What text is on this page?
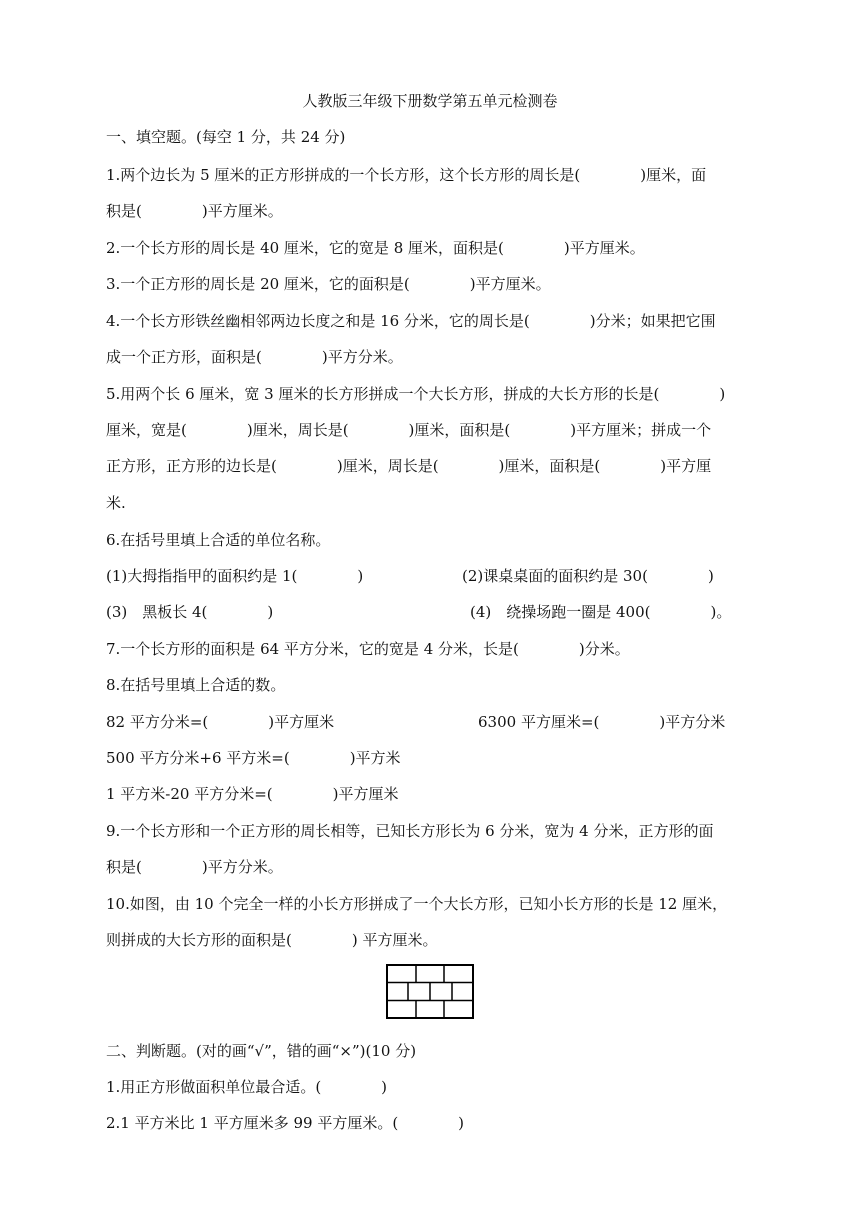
人教版三年级下册数学第五单元检测卷
一、填空题。(每空 1 分，共 24 分)
1.两个边长为 5 厘米的正方形拼成的一个长方形，这个长方形的周长是(　　　　)厘米，面
积是(　　　　)平方厘米。
2.一个长方形的周长是 40 厘米，它的宽是 8 厘米，面积是(　　　　)平方厘米。
3.一个正方形的周长是 20 厘米，它的面积是(　　　　)平方厘米。
4.一个长方形铁丝幽相邻两边长度之和是 16 分米，它的周长是(　　　　)分米；如果把它围
成一个正方形，面积是(　　　　)平方分米。
5.用两个长 6 厘米，宽 3 厘米的长方形拼成一个大长方形，拼成的大长方形的长是(　　　　)
厘米，宽是(　　　　)厘米，周长是(　　　　)厘米，面积是(　　　　)平方厘米；拼成一个
正方形，正方形的边长是(　　　　)厘米，周长是(　　　　)厘米，面积是(　　　　)平方厘
米.
6.在括号里填上合适的单位名称。
(1)大拇指指甲的面积约是 1(　　　　)	(2)课桌桌面的面积约是 30(　　　　)
(3)　黑板长 4(　　　　)	(4)　绕操场跑一圈是 400(　　　　)。
7.一个长方形的面积是 64 平方分米，它的宽是 4 分米，长是(　　　　)分米。
8.在括号里填上合适的数。
82 平方分米=(　　　　)平方厘米	6300 平方厘米=(　　　　)平方分米
500 平方分米+6 平方米=(　　　　)平方米
1 平方米-20 平方分米=(　　　　)平方厘米
9.一个长方形和一个正方形的周长相等，已知长方形长为 6 分米，宽为 4 分米，正方形的面
积是(　　　　)平方分米。
10.如图，由 10 个完全一样的小长方形拼成了一个大长方形，已知小长方形的长是 12 厘米，
则拼成的大长方形的面积是(　　　　) 平方厘米。
二、判断题。(对的画“√”，错的画“×”)(10 分)
1.用正方形做面积单位最合适。(　　　　)
2.1 平方米比 1 平方厘米多 99 平方厘米。(　　　　)
